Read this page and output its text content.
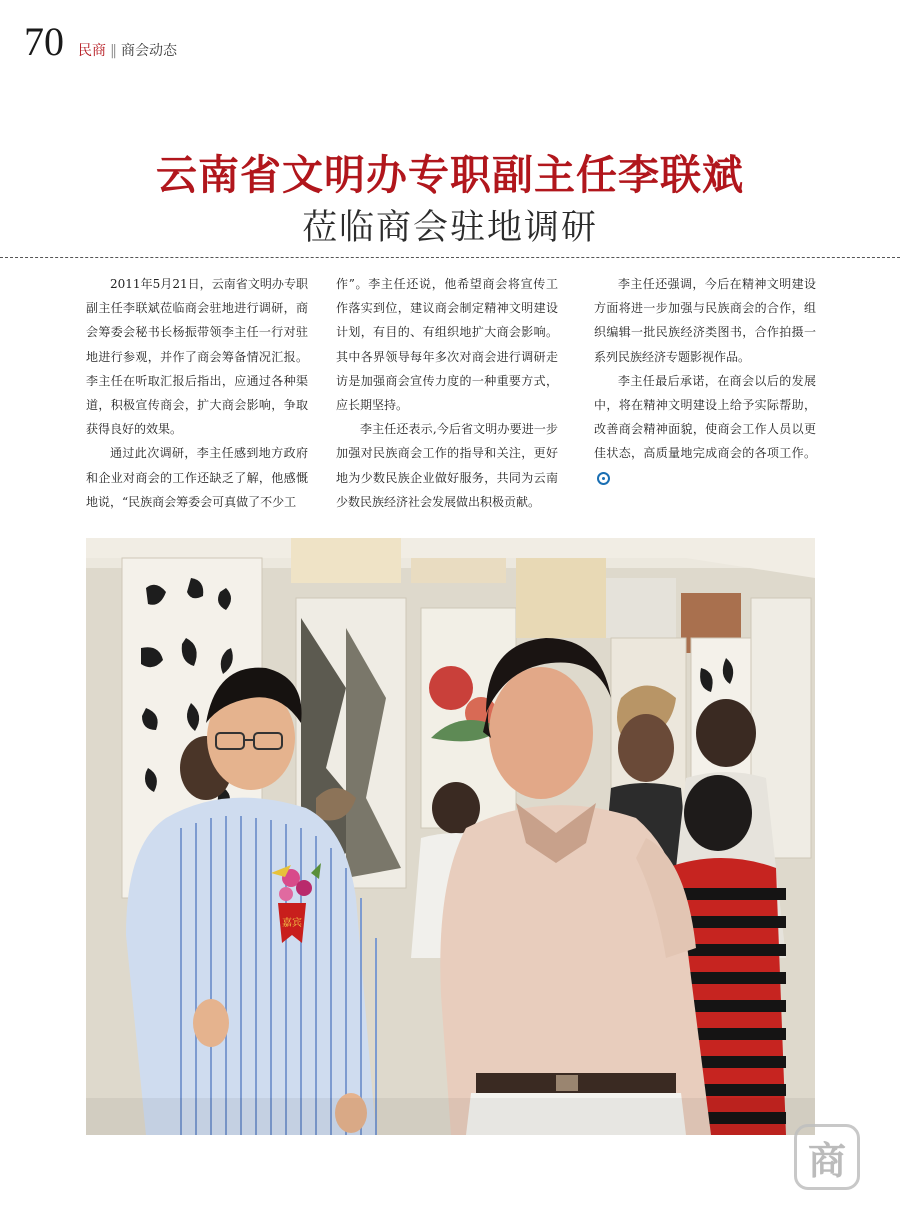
70 民商 ‖ 商会动态
云南省文明办专职副主任李联斌
莅临商会驻地调研

2011年5月21日，云南省文明办专职副主任李联斌莅临商会驻地进行调研，商会筹委会秘书长杨振带领李主任一行对驻地进行参观，并作了商会筹备情况汇报。李主任在听取汇报后指出，应通过各种渠道，积极宣传商会，扩大商会影响，争取获得良好的效果。

通过此次调研，李主任感到地方政府和企业对商会的工作还缺乏了解，他感慨地说，“民族商会筹委会可真做了不少工

作”。李主任还说，他希望商会将宣传工作落实到位，建议商会制定精神文明建设计划，有目的、有组织地扩大商会影响。其中各界领导每年多次对商会进行调研走访是加强商会宣传力度的一种重要方式，应长期坚持。

李主任还表示,今后省文明办要进一步加强对民族商会工作的指导和关注，更好地为少数民族企业做好服务，共同为云南少数民族经济社会发展做出积极贡献。

李主任还强调，今后在精神文明建设方面将进一步加强与民族商会的合作，组织编辑一批民族经济类图书，合作拍摄一系列民族经济专题影视作品。

李主任最后承诺，在商会以后的发展中，将在精神文明建设上给予实际帮助，改善商会精神面貌，使商会工作人员以更佳状态，高质量地完成商会的各项工作。

嘉宾
商
